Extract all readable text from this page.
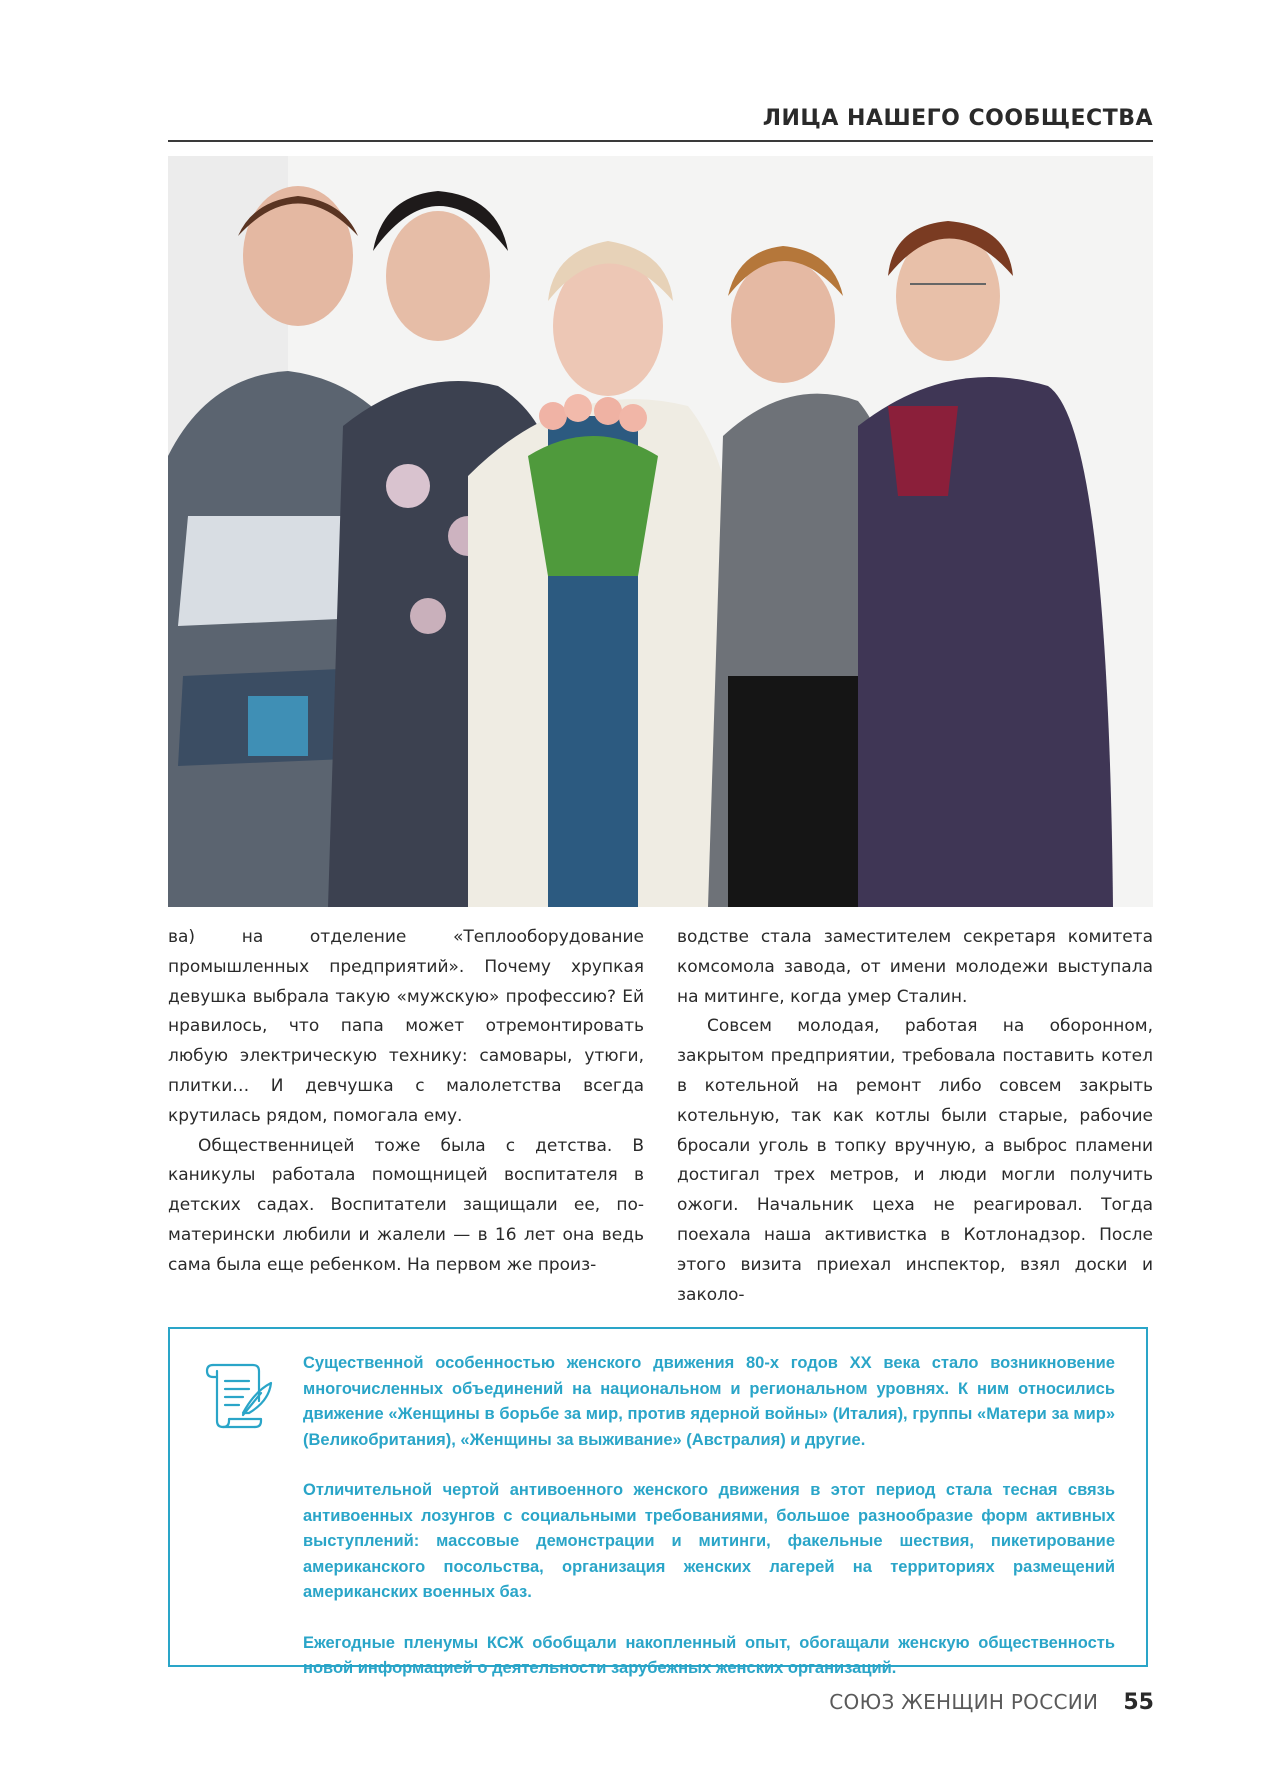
ЛИЦА НАШЕГО СООБЩЕСТВА

ва) на отделение «Теплооборудование промышленных предприятий». Почему хрупкая девушка выбрала такую «мужскую» профессию? Ей нравилось, что папа может отремонтировать любую электрическую технику: самовары, утюги, плитки… И девчушка с малолетства всегда крутилась рядом, помогала ему.

Общественницей тоже была с детства. В каникулы работала помощницей воспитателя в детских садах. Воспитатели защищали ее, по-матерински любили и жалели — в 16 лет она ведь сама была еще ребенком. На первом же произ-

водстве стала заместителем секретаря комитета комсомола завода, от имени молодежи выступала на митинге, когда умер Сталин.

Совсем молодая, работая на оборонном, закрытом предприятии, требовала поставить котел в котельной на ремонт либо совсем закрыть котельную, так как котлы были старые, рабочие бросали уголь в топку вручную, а выброс пламени достигал трех метров, и люди могли получить ожоги. Начальник цеха не реагировал. Тогда поехала наша активистка в Котлонадзор. После этого визита приехал инспектор, взял доски и заколо-

Существенной особенностью женского движения 80-х годов XX века стало возникновение многочисленных объединений на национальном и региональном уровнях. К ним относились движение «Женщины в борьбе за мир, против ядерной войны» (Италия), группы «Матери за мир» (Великобритания), «Женщины за выживание» (Австралия) и другие.

Отличительной чертой антивоенного женского движения в этот период стала тесная связь антивоенных лозунгов с социальными требованиями, большое разнообразие форм активных выступлений: массовые демонстрации и митинги, факельные шествия, пикетирование американского посольства, организация женских лагерей на территориях размещений американских военных баз.

Ежегодные пленумы КСЖ обобщали накопленный опыт, обогащали женскую общественность новой информацией о деятельности зарубежных женских организаций.

СОЮЗ ЖЕНЩИН РОССИИ 55
